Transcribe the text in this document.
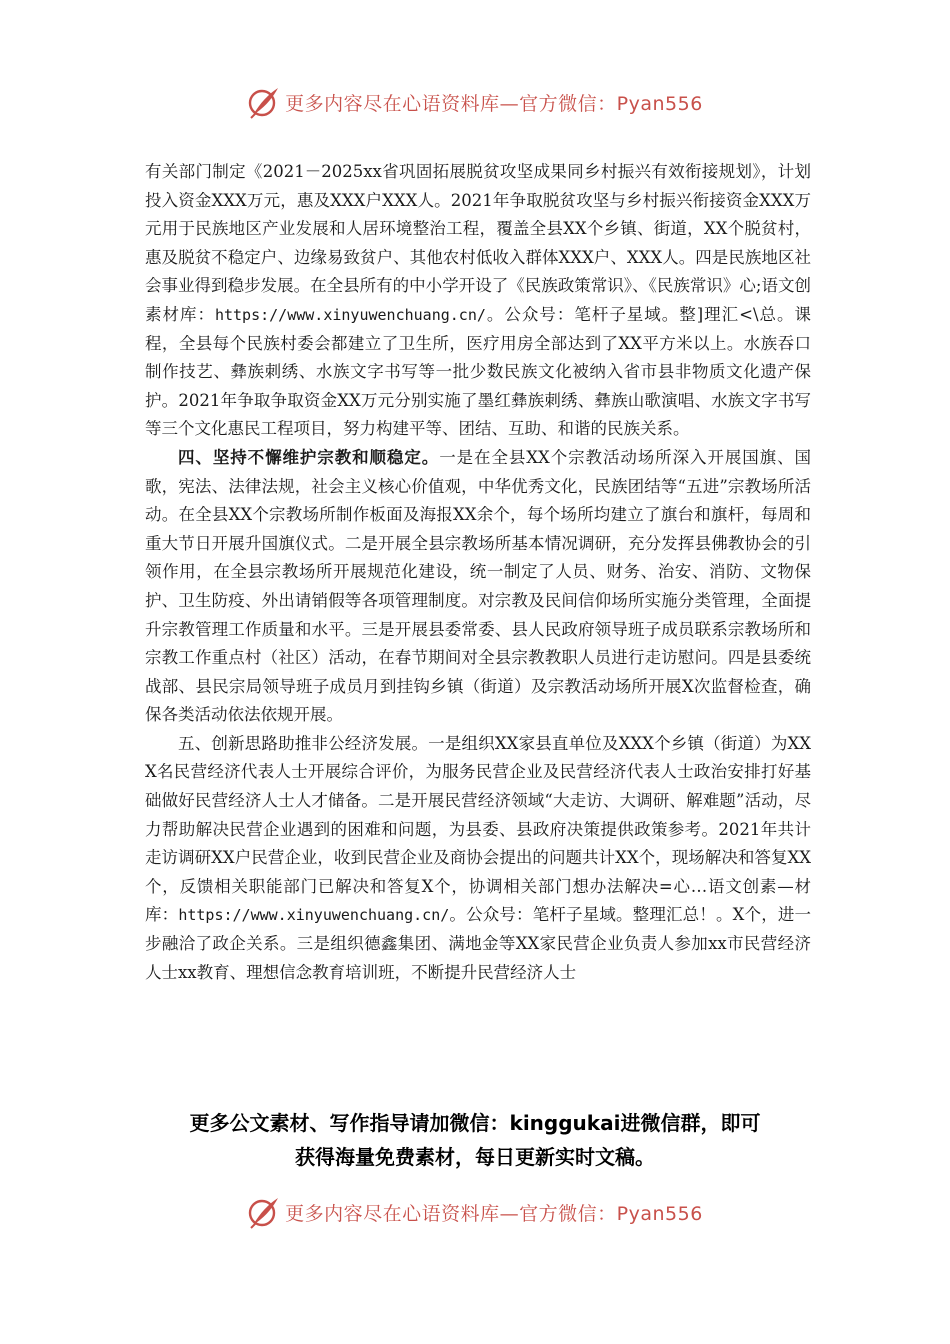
更多内容尽在心语资料库—官方微信：Pyan556

有关部门制定《2021－2025xx省巩固拓展脱贫攻坚成果同乡村振兴有效衔接规划》，计划投入资金XXX万元，惠及XXX户XXX人。2021年争取脱贫攻坚与乡村振兴衔接资金XXX万元用于民族地区产业发展和人居环境整治工程，覆盖全县XX个乡镇、街道，XX个脱贫村，惠及脱贫不稳定户、边缘易致贫户、其他农村低收入群体XXX户、XXX人。四是民族地区社会事业得到稳步发展。在全县所有的中小学开设了《民族政策常识》、《民族常识》心;语文创素材库：https://www.xinyuwenchuang.cn/。公众号：笔杆子星域。整]理汇<\总。课程，全县每个民族村委会都建立了卫生所，医疗用房全部达到了XX平方米以上。水族吞口制作技艺、彝族刺绣、水族文字书写等一批少数民族文化被纳入省市县非物质文化遗产保护。2021年争取争取资金XX万元分别实施了墨红彝族刺绣、彝族山歌演唱、水族文字书写等三个文化惠民工程项目，努力构建平等、团结、互助、和谐的民族关系。

四、坚持不懈维护宗教和顺稳定。一是在全县XX个宗教活动场所深入开展国旗、国歌，宪法、法律法规，社会主义核心价值观，中华优秀文化，民族团结等“五进”宗教场所活动。在全县XX个宗教场所制作板面及海报XX余个，每个场所均建立了旗台和旗杆，每周和重大节日开展升国旗仪式。二是开展全县宗教场所基本情况调研，充分发挥县佛教协会的引领作用，在全县宗教场所开展规范化建设，统一制定了人员、财务、治安、消防、文物保护、卫生防疫、外出请销假等各项管理制度。对宗教及民间信仰场所实施分类管理，全面提升宗教管理工作质量和水平。三是开展县委常委、县人民政府领导班子成员联系宗教场所和宗教工作重点村（社区）活动，在春节期间对全县宗教教职人员进行走访慰问。四是县委统战部、县民宗局领导班子成员月到挂钩乡镇（街道）及宗教活动场所开展X次监督检查，确保各类活动依法依规开展。

五、创新思路助推非公经济发展。一是组织XX家县直单位及XXX个乡镇（街道）为XXX名民营经济代表人士开展综合评价，为服务民营企业及民营经济代表人士政治安排打好基础做好民营经济人士人才储备。二是开展民营经济领域“大走访、大调研、解难题”活动，尽力帮助解决民营企业遇到的困难和问题，为县委、县政府决策提供政策参考。2021年共计走访调研XX户民营企业，收到民营企业及商协会提出的问题共计XX个，现场解决和答复XX个，反馈相关职能部门已解决和答复X个，协调相关部门想办法解决=心…语文创素—材库：https://www.xinyuwenchuang.cn/。公众号：笔杆子星域。整理汇总！。X个，进一步融洽了政企关系。三是组织德鑫集团、满地金等XX家民营企业负责人参加xx市民营经济人士xx教育、理想信念教育培训班，不断提升民营经济人士

更多公文素材、写作指导请加微信：kinggukai进微信群，即可
获得海量免费素材，每日更新实时文稿。
更多内容尽在心语资料库—官方微信：Pyan556
